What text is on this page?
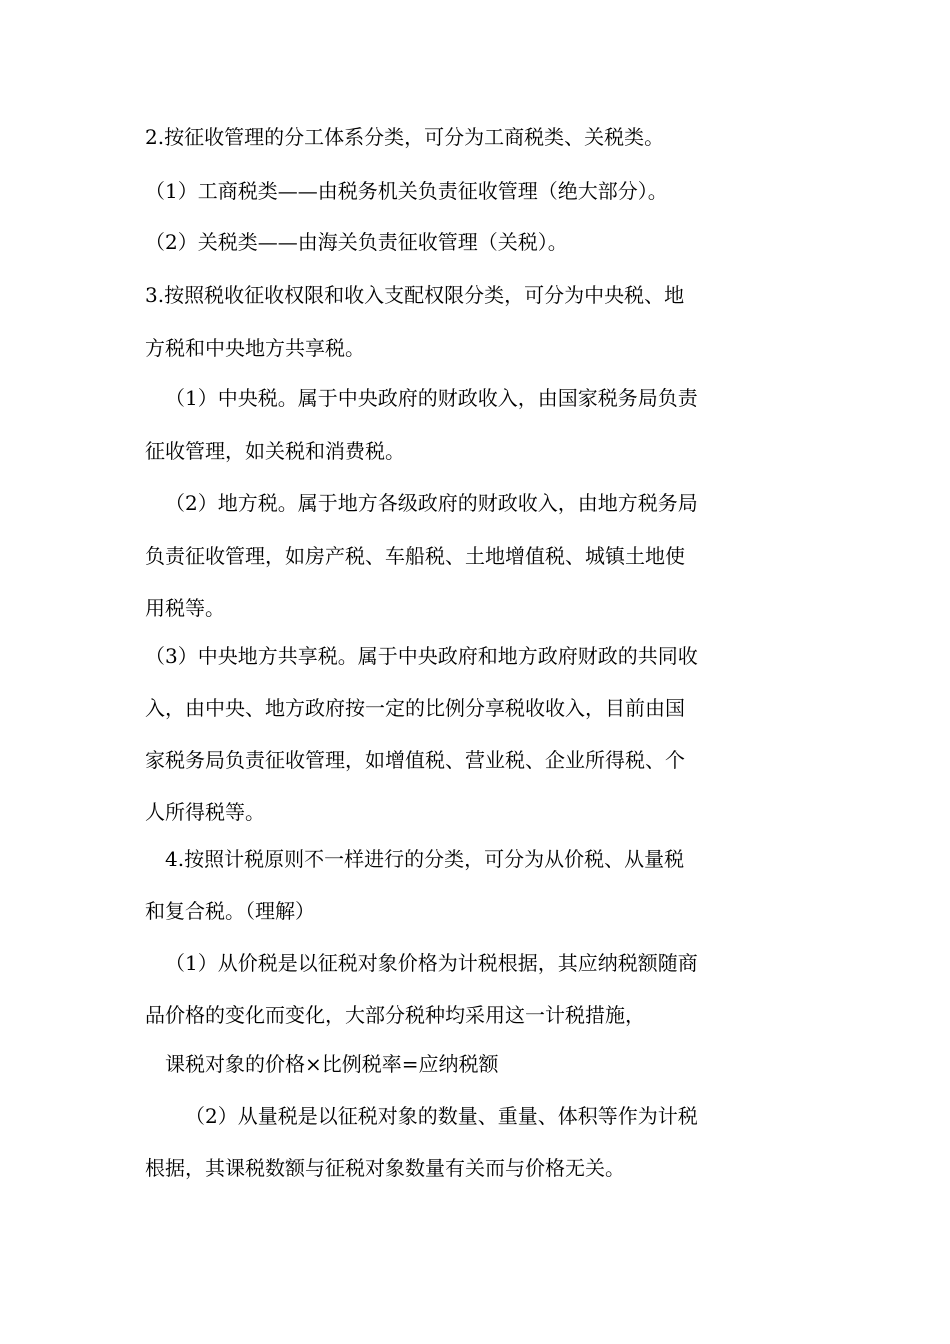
2.按征收管理的分工体系分类，可分为工商税类、关税类。
（1）工商税类——由税务机关负责征收管理（绝大部分）。
（2）关税类——由海关负责征收管理（关税）。
3.按照税收征收权限和收入支配权限分类，可分为中央税、地
方税和中央地方共享税。
（1）中央税。属于中央政府的财政收入，由国家税务局负责
征收管理，如关税和消费税。
（2）地方税。属于地方各级政府的财政收入，由地方税务局
负责征收管理，如房产税、车船税、土地增值税、城镇土地使
用税等。
（3）中央地方共享税。属于中央政府和地方政府财政的共同收
入，由中央、地方政府按一定的比例分享税收收入，目前由国
家税务局负责征收管理，如增值税、营业税、企业所得税、个
人所得税等。
4.按照计税原则不一样进行的分类，可分为从价税、从量税
和复合税。（理解）
（1）从价税是以征税对象价格为计税根据，其应纳税额随商
品价格的变化而变化，大部分税种均采用这一计税措施，
课税对象的价格×比例税率=应纳税额
（2）从量税是以征税对象的数量、重量、体积等作为计税
根据，其课税数额与征税对象数量有关而与价格无关。
